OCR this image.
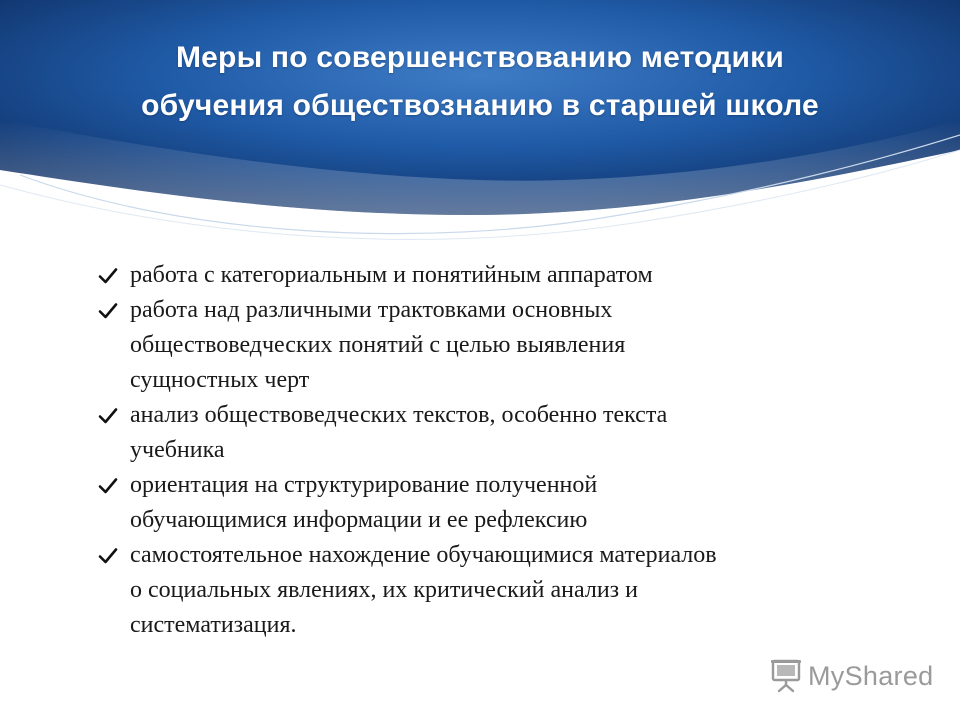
Меры по совершенствованию методики
обучения обществознанию в старшей школе
работа с категориальным и понятийным аппаратом
работа над различными трактовками основных
обществоведческих понятий с целью выявления
сущностных черт
анализ обществоведческих текстов, особенно текста
учебника
ориентация на структурирование полученной
обучающимися информации и ее рефлексию
самостоятельное нахождение обучающимися материалов
о социальных явлениях, их критический анализ и
систематизация.
MyShared
